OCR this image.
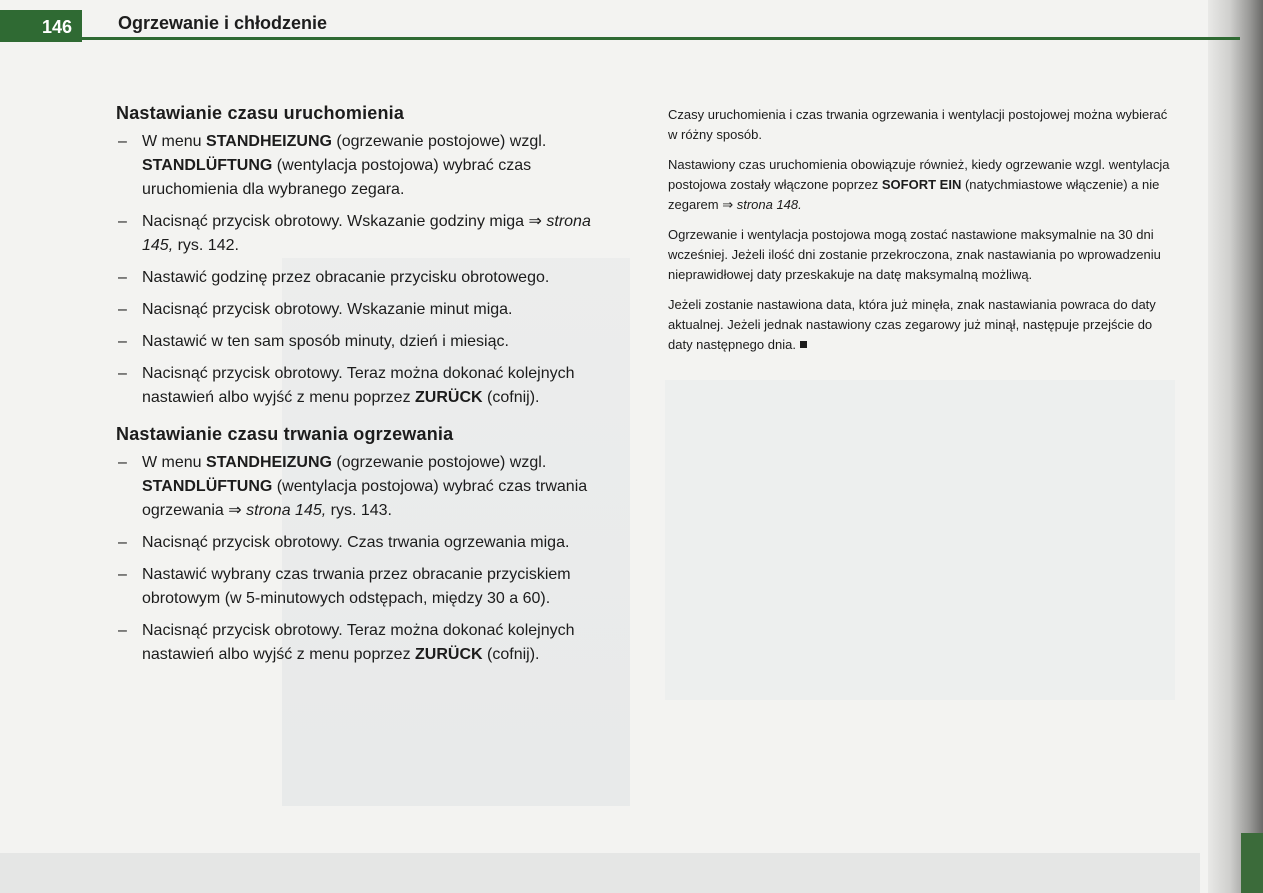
146	Ogrzewanie i chłodzenie
Nastawianie czasu uruchomienia
– W menu STANDHEIZUNG (ogrzewanie postojowe) wzgl. STANDLÜFTUNG (wentylacja postojowa) wybrać czas uruchomienia dla wybranego zegara.
– Nacisnąć przycisk obrotowy. Wskazanie godziny miga ⇒ strona 145, rys. 142.
– Nastawić godzinę przez obracanie przycisku obrotowego.
– Nacisnąć przycisk obrotowy. Wskazanie minut miga.
– Nastawić w ten sam sposób minuty, dzień i miesiąc.
– Nacisnąć przycisk obrotowy. Teraz można dokonać kolejnych nastawień albo wyjść z menu poprzez ZURÜCK (cofnij).
Nastawianie czasu trwania ogrzewania
– W menu STANDHEIZUNG (ogrzewanie postojowe) wzgl. STANDLÜFTUNG (wentylacja postojowa) wybrać czas trwania ogrzewania ⇒ strona 145, rys. 143.
– Nacisnąć przycisk obrotowy. Czas trwania ogrzewania miga.
– Nastawić wybrany czas trwania przez obracanie przyciskiem obrotowym (w 5-minutowych odstępach, między 30 a 60).
– Nacisnąć przycisk obrotowy. Teraz można dokonać kolejnych nastawień albo wyjść z menu poprzez ZURÜCK (cofnij).

Czasy uruchomienia i czas trwania ogrzewania i wentylacji postojowej można wybierać w różny sposób.

Nastawiony czas uruchomienia obowiązuje również, kiedy ogrzewanie wzgl. wentylacja postojowa zostały włączone poprzez SOFORT EIN (natychmiastowe włączenie) a nie zegarem ⇒ strona 148.

Ogrzewanie i wentylacja postojowa mogą zostać nastawione maksymalnie na 30 dni wcześniej. Jeżeli ilość dni zostanie przekroczona, znak nastawiania po wprowadzeniu nieprawidłowej daty przeskakuje na datę maksymalną możliwą.

Jeżeli zostanie nastawiona data, która już minęła, znak nastawiania powraca do daty aktualnej. Jeżeli jednak nastawiony czas zegarowy już minął, następuje przejście do daty następnego dnia.
